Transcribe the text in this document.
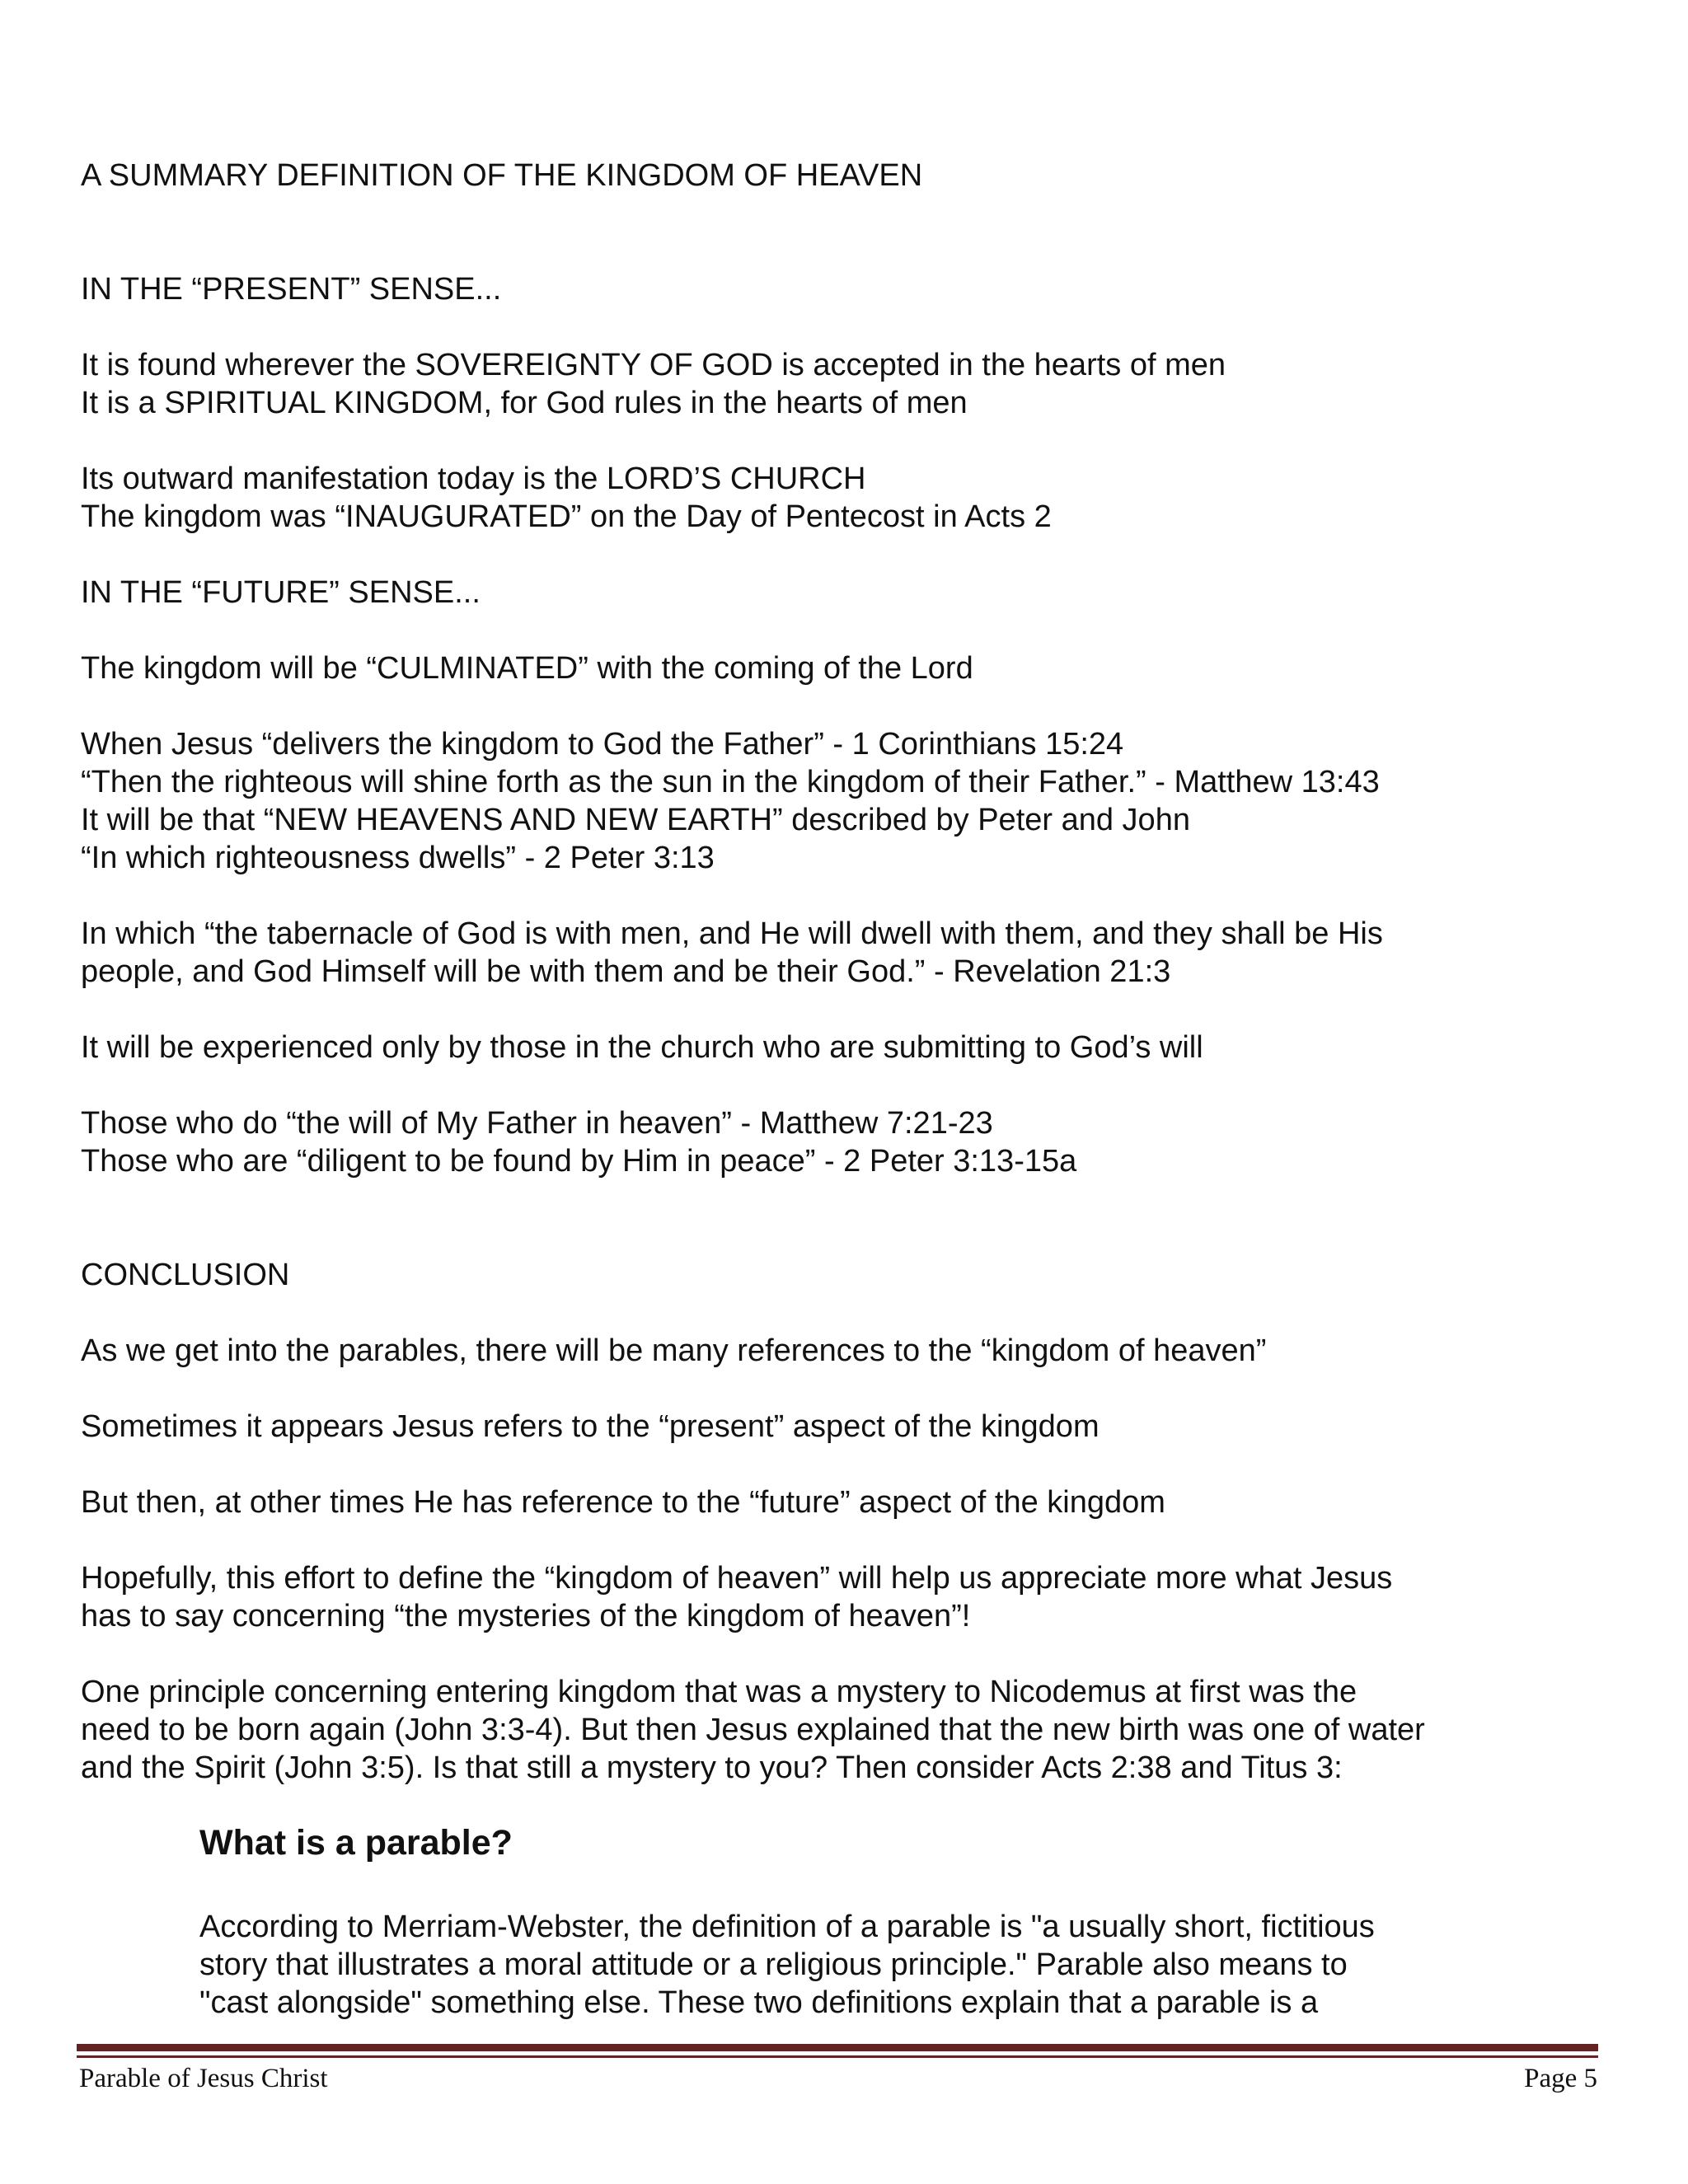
A SUMMARY DEFINITION OF THE KINGDOM OF HEAVEN
IN THE “PRESENT” SENSE...
It is found wherever the SOVEREIGNTY OF GOD is accepted in the hearts of men
It is a SPIRITUAL KINGDOM, for God rules in the hearts of men
Its outward manifestation today is the LORD’S CHURCH
The kingdom was “INAUGURATED” on the Day of Pentecost in Acts 2
IN THE “FUTURE” SENSE...
The kingdom will be “CULMINATED” with the coming of the Lord
When Jesus “delivers the kingdom to God the Father” - 1 Corinthians 15:24
“Then the righteous will shine forth as the sun in the kingdom of their Father.” - Matthew 13:43
It will be that “NEW HEAVENS AND NEW EARTH” described by Peter and John
“In which righteousness dwells” - 2 Peter 3:13
In which “the tabernacle of God is with men, and He will dwell with them, and they shall be His
people, and God Himself will be with them and be their God.” - Revelation 21:3
It will be experienced only by those in the church who are submitting to God’s will
Those who do “the will of My Father in heaven” - Matthew 7:21-23
Those who are “diligent to be found by Him in peace” - 2 Peter 3:13-15a
CONCLUSION
As we get into the parables, there will be many references to the “kingdom of heaven”
Sometimes it appears Jesus refers to the “present” aspect of the kingdom
But then, at other times He has reference to the “future” aspect of the kingdom
Hopefully, this effort to define the “kingdom of heaven” will help us appreciate more what Jesus
has to say concerning “the mysteries of the kingdom of heaven”!
One principle concerning entering kingdom that was a mystery to Nicodemus at first was the
need to be born again (John 3:3-4). But then Jesus explained that the new birth was one of water
and the Spirit (John 3:5). Is that still a mystery to you? Then consider Acts 2:38 and Titus 3:
What is a parable?
According to Merriam-Webster, the definition of a parable is "a usually short, fictitious
story that illustrates a moral attitude or a religious principle." Parable also means to
"cast alongside" something else. These two definitions explain that a parable is a
Parable of Jesus Christ	Page 5
